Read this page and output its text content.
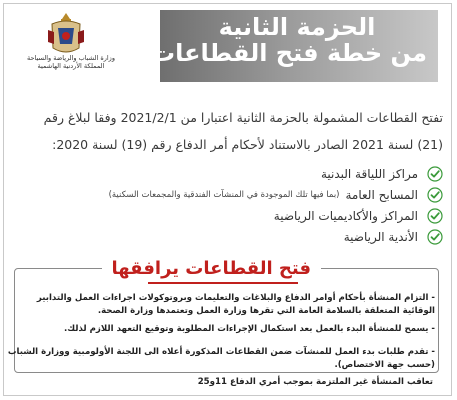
الحزمة الثانية
من خطة فتح القطاعات
وزارة الشباب والرياضة والسياحة
المملكة الأردنية الهاشمية
تفتح القطاعات المشمولة بالحزمة الثانية اعتبارا من 2021/2/1 وفقا لبلاغ رقم
(21) لسنة 2021 الصادر بالاستناد لأحكام أمر الدفاع رقم (19) لسنة 2020:
مراكز اللياقة البدنية
المسابح العامة
(بما فيها تلك الموجودة في المنشآت الفندقية والمجمعات السكنية)
المراكز والأكاديميات الرياضية
الأندية الرياضية
فتح القطاعات يرافقها
- التزام المنشأة بأحكام أوامر الدفاع والبلاغات والتعليمات وبروتوكولات اجراءات العمل والتدابير
الوقائية المتعلقة بالسلامة العامة التي تقرها وزارة العمل وتعتمدها وزارة الصحة.
- يسمح للمنشأة البدء بالعمل بعد استكمال الإجراءات المطلوبة وتوقيع التعهد اللازم لذلك.
- تقدم طلبات بدء العمل للمنشآت ضمن القطاعات المذكورة أعلاه الى اللجنة الأولومبية ووزارة الشباب
(حسب جهة الاختصاص).
تعاقب المنشأة غير الملتزمة بموجب أمري الدفاع 11و25
